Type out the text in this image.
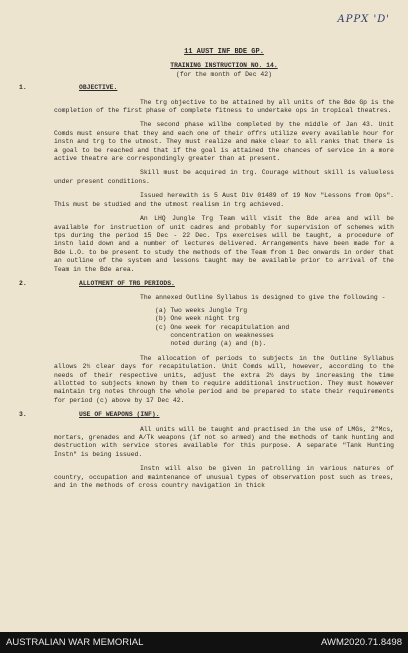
APPX 'D'
11 AUST INF BDE GP.
TRAINING INSTRUCTION NO. 14.
(for the month of Dec 42)
1.	OBJECTIVE.

The trg objective to be attained by all units of the Bde Gp is the completion of the first phase of complete fitness to undertake ops in tropical theatres.

The second phase willbe completed by the middle of Jan 43. Unit Comds must ensure that they and each one of their offrs utilize every available hour for instn and trg to the utmost. They must realize and make clear to all ranks that there is a goal to be reached and that if the goal is attained the chances of service in a more active theatre are correspondingly greater than at present.

Skill must be acquired in trg. Courage without skill is valueless under present conditions.

Issued herewith is 5 Aust Div 01489 of 19 Nov "Lessons from Ops". This must be studied and the utmost realism in trg achieved.

An LHQ Jungle Trg Team will visit the Bde area and will be available for instruction of unit cadres and probably for supervision of schemes with tps during the period 15 Dec - 22 Dec. Tps exercises will be taught, a procedure of instn laid down and a number of lectures delivered. Arrangements have been made for a Bde L.O. to be present to study the methods of the Team from 1 Dec onwards in order that an outline of the system and lessons taught may be available prior to arrival of the Team in the Bde area.

2.	ALLOTMENT OF TRG PERIODS.

The annexed Outline Syllabus is designed to give the following -

(a) Two weeks Jungle Trg
(b) One week night trg
(c) One week for recapitulation and
concentration on weaknesses
noted during (a) and (b).

The allocation of periods to subjects in the Outline Syllabus allows 2½ clear days for recapitulation. Unit Comds will, however, according to the needs of their respective units, adjust the extra 2½ days by increasing the time allotted to subjects known by them to require additional instruction. They must however maintain trg notes through the whole period and be prepared to state their requirements for period (c) above by 17 Dec 42.

3.	USE OF WEAPONS (INF).

All units will be taught and practised in the use of LMGs, 2"Mcs, mortars, grenades and A/Tk weapons (if not so armed) and the methods of tank hunting and destruction with service stores available for this purpose. A separate "Tank Hunting Instn" is being issued.

Instn will also be given in patrolling in various natures of country, occupation and maintenance of unusual types of observation post such as trees, and in the methods of cross country navigation in thick

AUSTRALIAN WAR MEMORIAL	AWM2020.71.8498
